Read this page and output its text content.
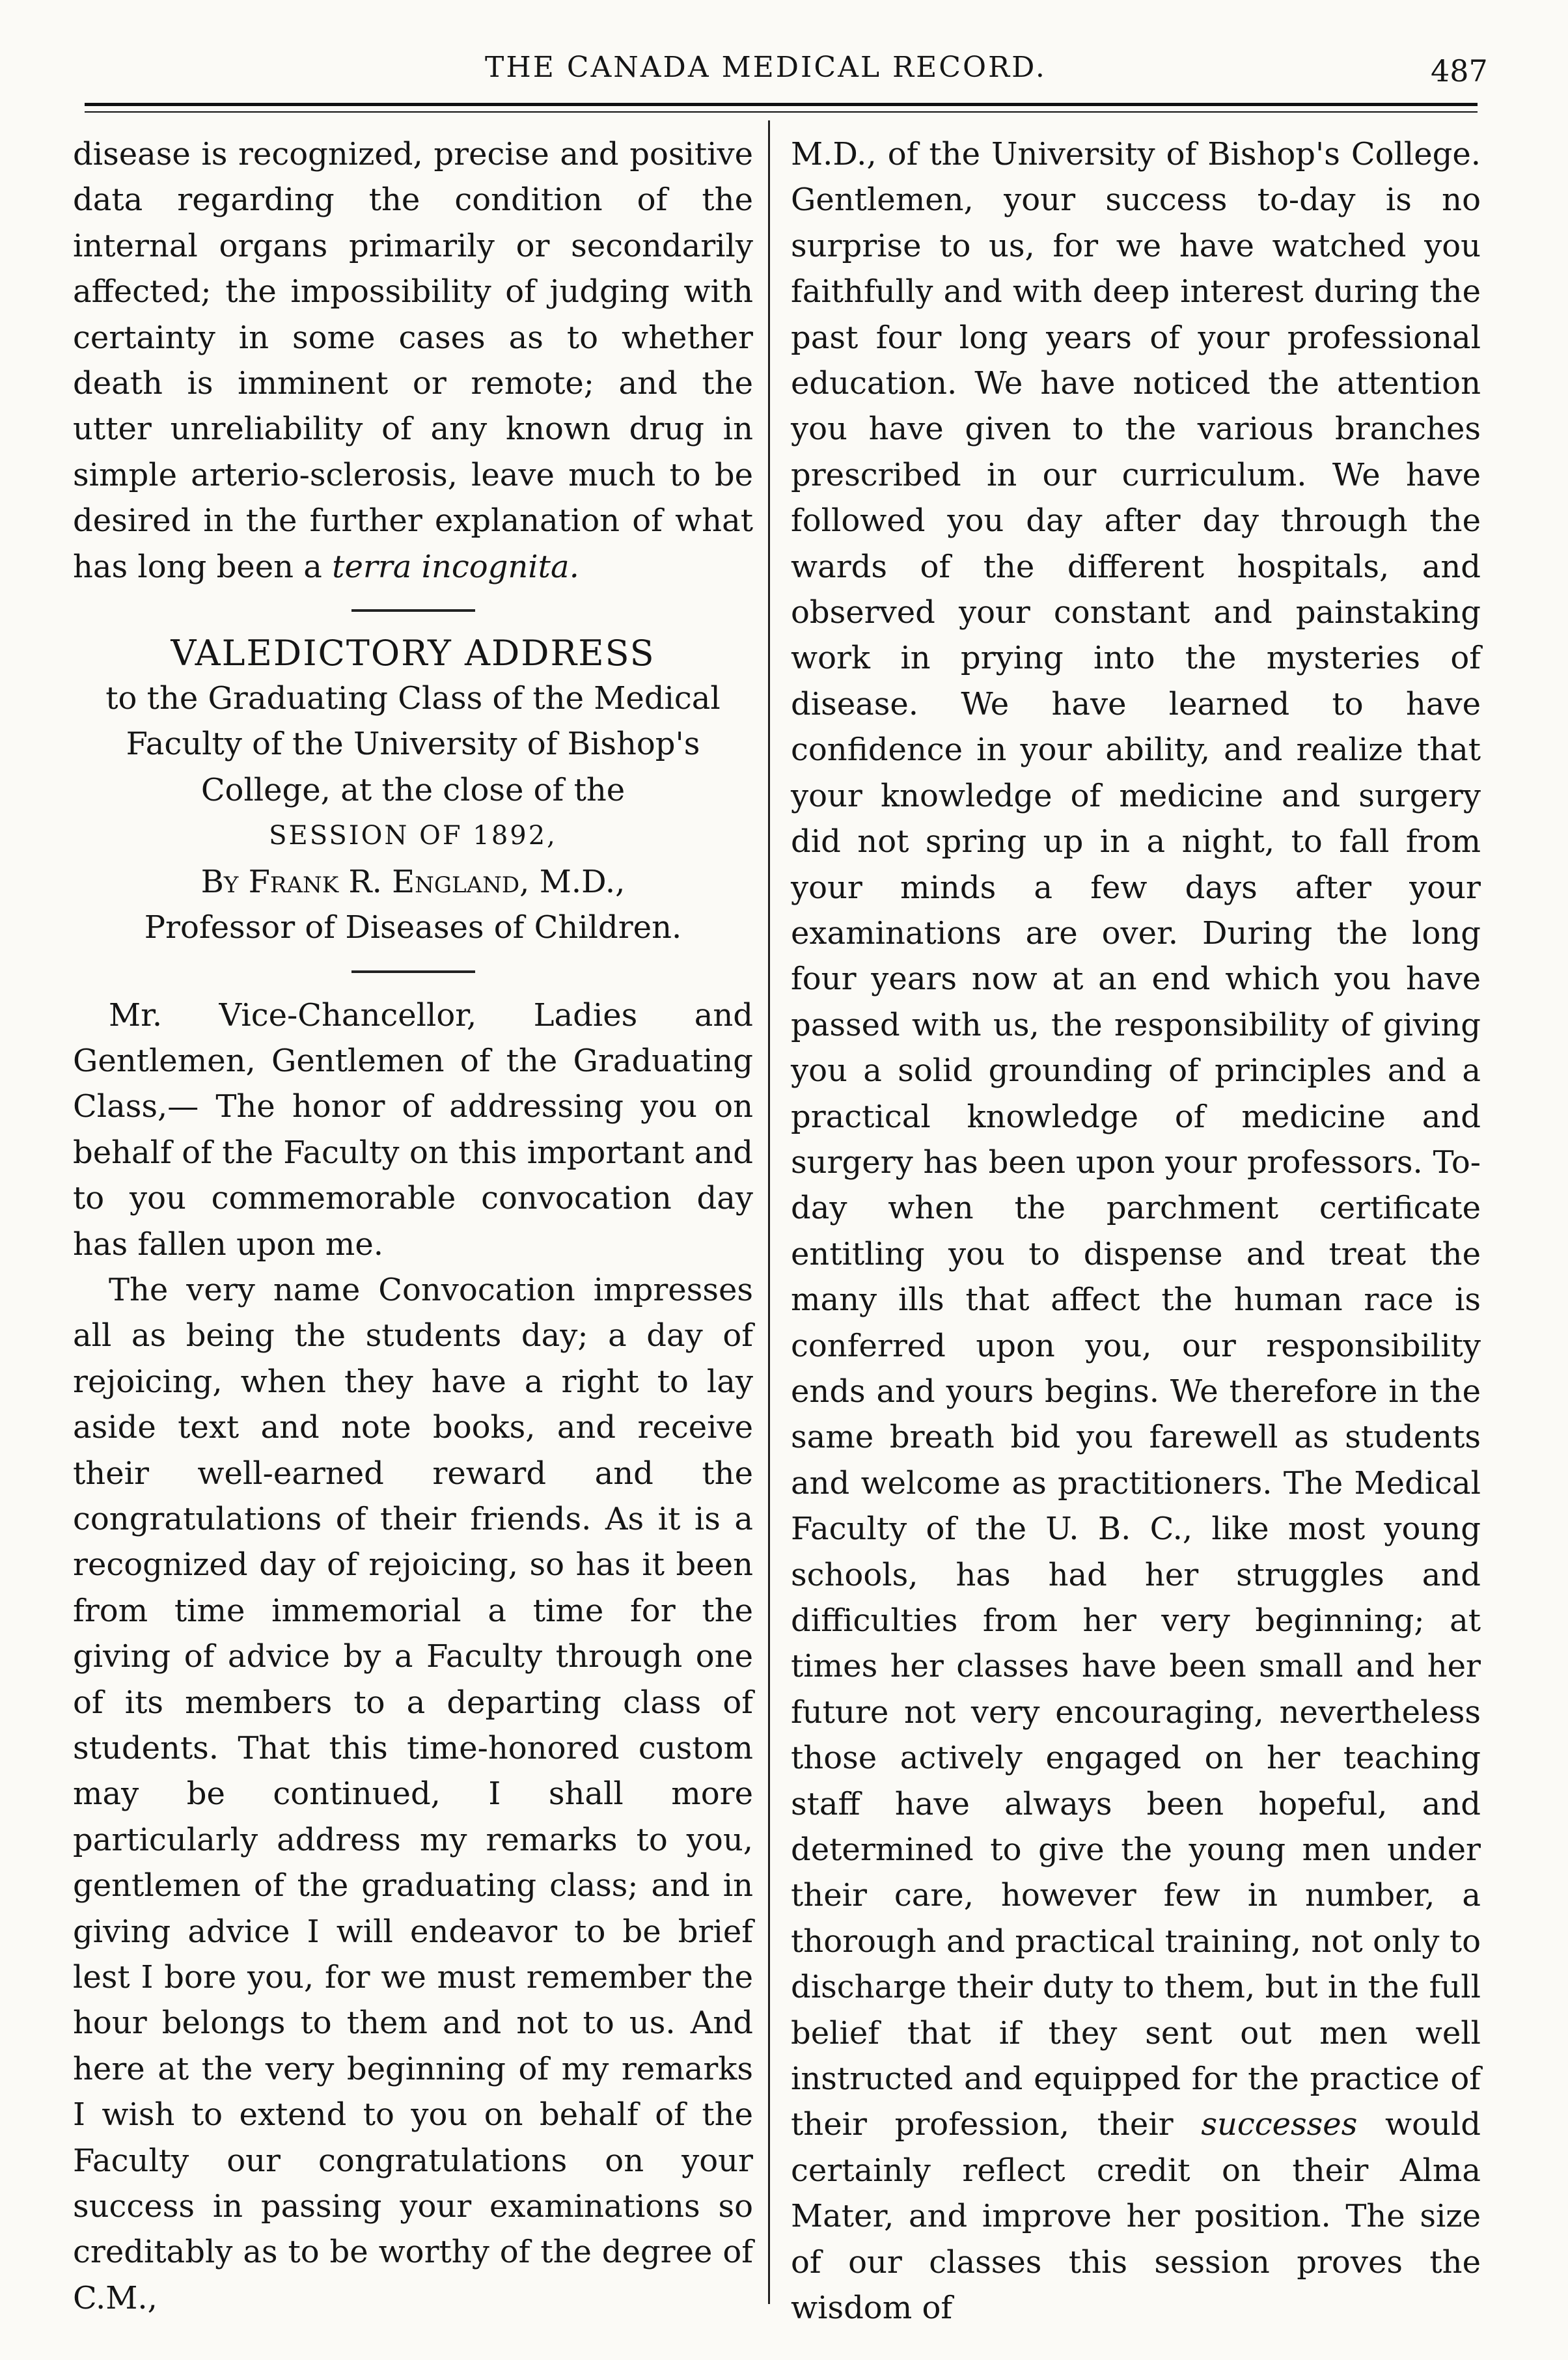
THE CANADA MEDICAL RECORD.	487

disease is recognized, precise and positive data regarding the condition of the internal organs primarily or secondarily affected; the impossibility of judging with certainty in some cases as to whether death is imminent or remote; and the utter unreliability of any known drug in simple arterio-sclerosis, leave much to be desired in the further explanation of what has long been a terra incognita.

VALEDICTORY ADDRESS
to the Graduating Class of the Medical Faculty of the University of Bishop's
College, at the close of the
SESSION OF 1892,
By Frank R. England, M.D.,
Professor of Diseases of Children.

Mr. Vice-Chancellor, Ladies and Gentlemen, Gentlemen of the Graduating Class,— The honor of addressing you on behalf of the Faculty on this important and to you commemorable convocation day has fallen upon me.

The very name Convocation impresses all as being the students day; a day of rejoicing, when they have a right to lay aside text and note books, and receive their well-earned reward and the congratulations of their friends. As it is a recognized day of rejoicing, so has it been from time immemorial a time for the giving of advice by a Faculty through one of its members to a departing class of students. That this time-honored custom may be continued, I shall more particularly address my remarks to you, gentlemen of the graduating class; and in giving advice I will endeavor to be brief lest I bore you, for we must remember the hour belongs to them and not to us. And here at the very beginning of my remarks I wish to extend to you on behalf of the Faculty our congratulations on your success in passing your examinations so creditably as to be worthy of the degree of C.M.,

M.D., of the University of Bishop's College. Gentlemen, your success to-day is no surprise to us, for we have watched you faithfully and with deep interest during the past four long years of your professional education. We have noticed the attention you have given to the various branches prescribed in our curriculum. We have followed you day after day through the wards of the different hospitals, and observed your constant and painstaking work in prying into the mysteries of disease. We have learned to have confidence in your ability, and realize that your knowledge of medicine and surgery did not spring up in a night, to fall from your minds a few days after your examinations are over. During the long four years now at an end which you have passed with us, the responsibility of giving you a solid grounding of principles and a practical knowledge of medicine and surgery has been upon your professors. To-day when the parchment certificate entitling you to dispense and treat the many ills that affect the human race is conferred upon you, our responsibility ends and yours begins. We therefore in the same breath bid you farewell as students and welcome as practitioners. The Medical Faculty of the U. B. C., like most young schools, has had her struggles and difficulties from her very beginning; at times her classes have been small and her future not very encouraging, nevertheless those actively engaged on her teaching staff have always been hopeful, and determined to give the young men under their care, however few in number, a thorough and practical training, not only to discharge their duty to them, but in the full belief that if they sent out men well instructed and equipped for the practice of their profession, their successes would certainly reflect credit on their Alma Mater, and improve her position. The size of our classes this session proves the wisdom of
